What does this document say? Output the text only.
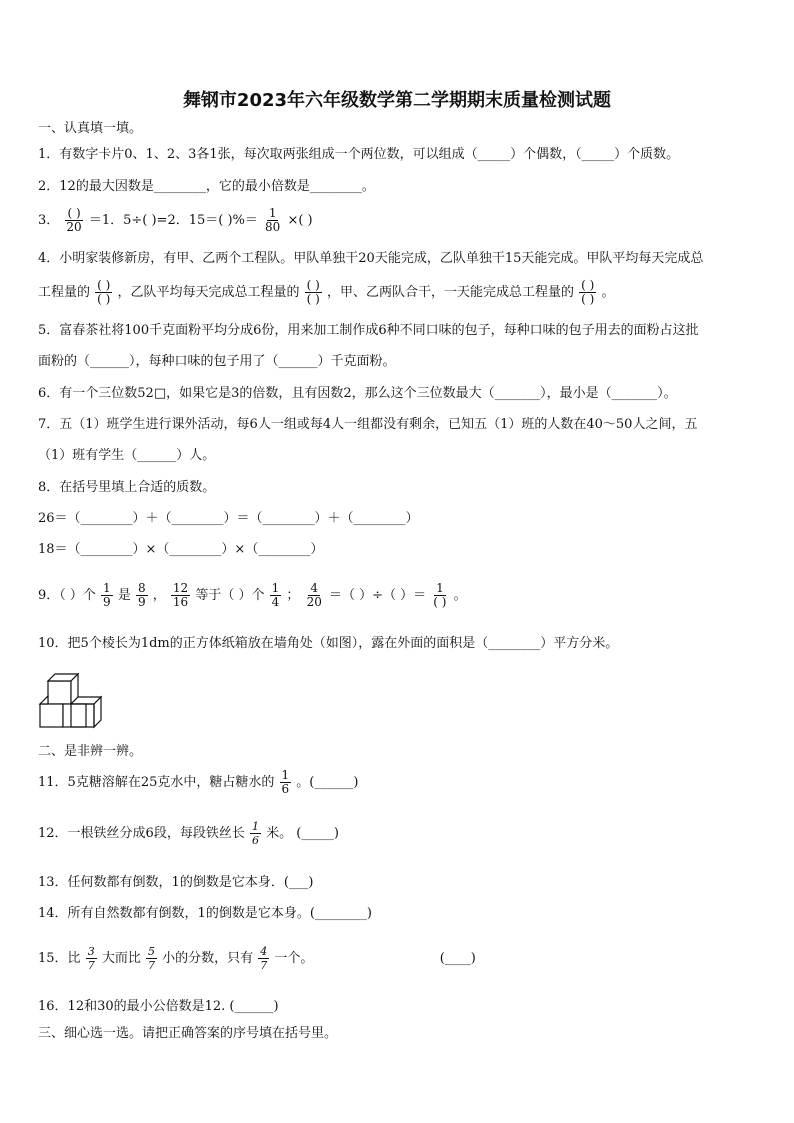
舞钢市2023年六年级数学第二学期期末质量检测试题
一、认真填一填。
1．有数字卡片0、1、2、3各1张，每次取两张组成一个两位数，可以组成（_____）个偶数，（_____）个质数。
2．12的最大因数是________，它的最小倍数是________。
3． $\frac{( )}{20} =1$．5÷( )=2．15＝( )%＝ $\frac{1}{80}$ ×( )
4．小明家装修新房，有甲、乙两个工程队。甲队单独干20天能完成，乙队单独干15天能完成。甲队平均每天完成总
工程量的 $\frac{( )}{( )}$ ，乙队平均每天完成总工程量的 $\frac{( )}{( )}$ ，甲、乙两队合干，一天能完成总工程量的 $\frac{( )}{( )}$ 。
5．富春茶社将100千克面粉平均分成6份，用来加工制作成6种不同口味的包子，每种口味的包子用去的面粉占这批
面粉的（______），每种口味的包子用了（______）千克面粉。
6．有一个三位数52□，如果它是3的倍数，且有因数2，那么这个三位数最大（_______），最小是（_______）。
7．五（1）班学生进行课外活动，每6人一组或每4人一组都没有剩余，已知五（1）班的人数在40～50人之间，五
（1）班有学生（______）人。
8．在括号里填上合适的质数。
26＝（________）＋（________）＝（________）＋（________）
18＝（________）×（________）×（________）
9．（ ）个 $\frac{1}{9}$ 是 $\frac{8}{9}$ ， $\frac{12}{16}$ 等于（ ）个 $\frac{1}{4}$ ； $\frac{4}{20}$ ＝（ ）÷（ ）＝ $\frac{1}{( )}$ 。
10．把5个棱长为1dm的正方体纸箱放在墙角处（如图），露在外面的面积是（________）平方分米。
二、是非辨一辨。
11．5克糖溶解在25克水中，糖占糖水的 $\frac{1}{6}$ 。(______)
12．一根铁丝分成6段，每段铁丝长 $\frac{1}{6}$ 米。 (_____)
13．任何数都有倒数，1的倒数是它本身．(___)
14．所有自然数都有倒数，1的倒数是它本身。(________)
15．比 $\frac{3}{7}$ 大而比 $\frac{5}{7}$ 小的分数，只有 $\frac{4}{7}$ 一个。	(____)
16．12和30的最小公倍数是12. (______)
三、细心选一选。请把正确答案的序号填在括号里。
